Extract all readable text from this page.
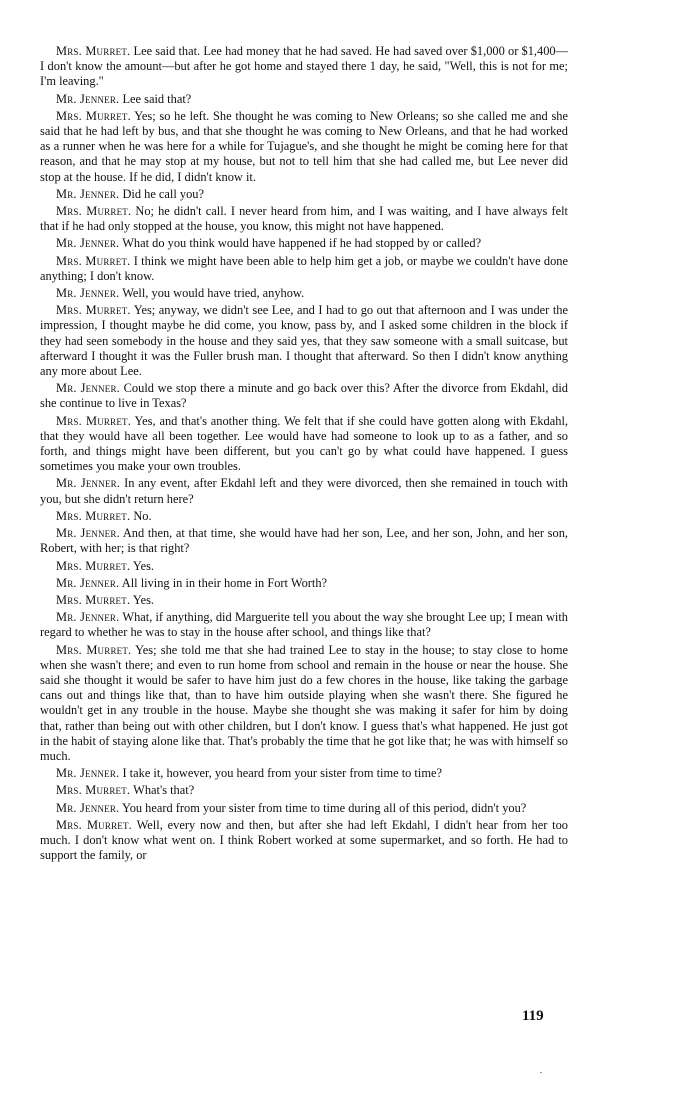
Mrs. Murret. Lee said that. Lee had money that he had saved. He had saved over $1,000 or $1,400—I don't know the amount—but after he got home and stayed there 1 day, he said, "Well, this is not for me; I'm leaving."

Mr. Jenner. Lee said that?

Mrs. Murret. Yes; so he left. She thought he was coming to New Orleans; so she called me and she said that he had left by bus, and that she thought he was coming to New Orleans, and that he had worked as a runner when he was here for a while for Tujague's, and she thought he might be coming here for that reason, and that he may stop at my house, but not to tell him that she had called me, but Lee never did stop at the house. If he did, I didn't know it.

Mr. Jenner. Did he call you?

Mrs. Murret. No; he didn't call. I never heard from him, and I was waiting, and I have always felt that if he had only stopped at the house, you know, this might not have happened.

Mr. Jenner. What do you think would have happened if he had stopped by or called?

Mrs. Murret. I think we might have been able to help him get a job, or maybe we couldn't have done anything; I don't know.

Mr. Jenner. Well, you would have tried, anyhow.

Mrs. Murret. Yes; anyway, we didn't see Lee, and I had to go out that afternoon and I was under the impression, I thought maybe he did come, you know, pass by, and I asked some children in the block if they had seen somebody in the house and they said yes, that they saw someone with a small suitcase, but afterward I thought it was the Fuller brush man. I thought that afterward. So then I didn't know anything any more about Lee.

Mr. Jenner. Could we stop there a minute and go back over this? After the divorce from Ekdahl, did she continue to live in Texas?

Mrs. Murret. Yes, and that's another thing. We felt that if she could have gotten along with Ekdahl, that they would have all been together. Lee would have had someone to look up to as a father, and so forth, and things might have been different, but you can't go by what could have happened. I guess sometimes you make your own troubles.

Mr. Jenner. In any event, after Ekdahl left and they were divorced, then she remained in touch with you, but she didn't return here?

Mrs. Murret. No.

Mr. Jenner. And then, at that time, she would have had her son, Lee, and her son, John, and her son, Robert, with her; is that right?

Mrs. Murret. Yes.

Mr. Jenner. All living in in their home in Fort Worth?

Mrs. Murret. Yes.

Mr. Jenner. What, if anything, did Marguerite tell you about the way she brought Lee up; I mean with regard to whether he was to stay in the house after school, and things like that?

Mrs. Murret. Yes; she told me that she had trained Lee to stay in the house; to stay close to home when she wasn't there; and even to run home from school and remain in the house or near the house. She said she thought it would be safer to have him just do a few chores in the house, like taking the garbage cans out and things like that, than to have him outside playing when she wasn't there. She figured he wouldn't get in any trouble in the house. Maybe she thought she was making it safer for him by doing that, rather than being out with other children, but I don't know. I guess that's what happened. He just got in the habit of staying alone like that. That's probably the time that he got like that; he was with himself so much.

Mr. Jenner. I take it, however, you heard from your sister from time to time?

Mrs. Murret. What's that?

Mr. Jenner. You heard from your sister from time to time during all of this period, didn't you?

Mrs. Murret. Well, every now and then, but after she had left Ekdahl, I didn't hear from her too much. I don't know what went on. I think Robert worked at some supermarket, and so forth. He had to support the family, or

119
